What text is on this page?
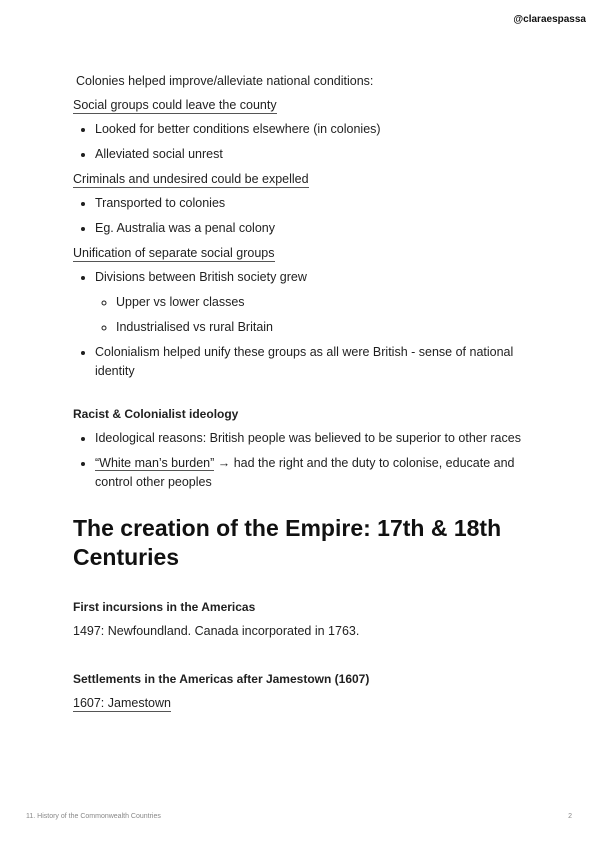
@claraespassa

Colonies helped improve/alleviate national conditions:

Social groups could leave the county
• Looked for better conditions elsewhere (in colonies)
• Alleviated social unrest
Criminals and undesired could be expelled
• Transported to colonies
• Eg. Australia was a penal colony
Unification of separate social groups
• Divisions between British society grew
◦ Upper vs lower classes
◦ Industrialised vs rural Britain
• Colonialism helped unify these groups as all were British - sense of national identity
Racist & Colonialist ideology
• Ideological reasons: British people was believed to be superior to other races
• “White man’s burden” → had the right and the duty to colonise, educate and control other peoples
The creation of the Empire: 17th & 18th Centuries
First incursions in the Americas

1497: Newfoundland. Canada incorporated in 1763.

Settlements in the Americas after Jamestown (1607)
1607: Jamestown
11. History of the Commonwealth Countries	2
